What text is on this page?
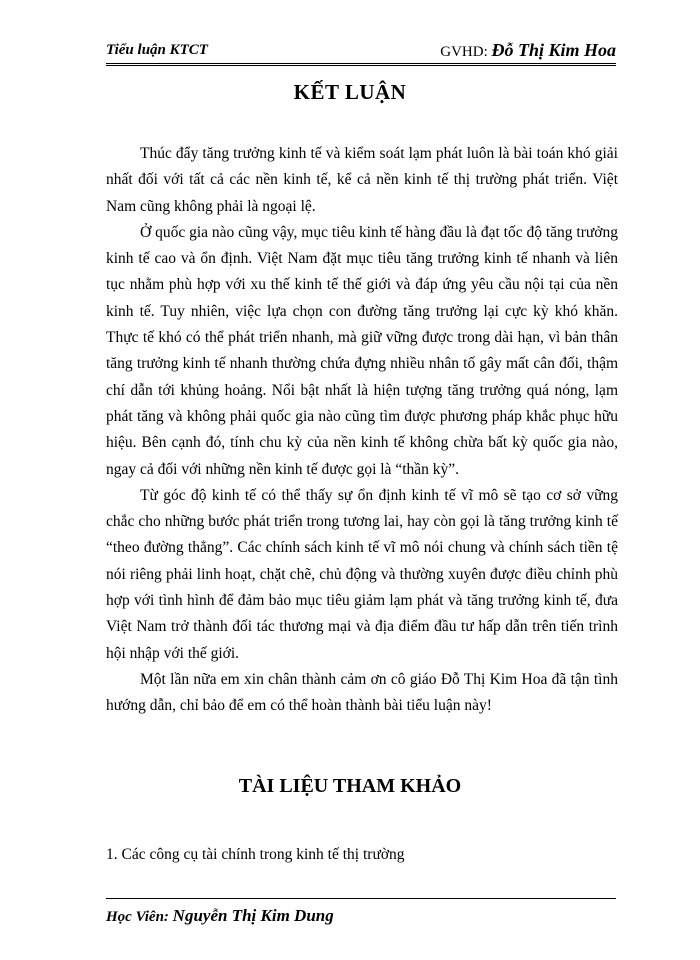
Tiểu luận KTCT	GVHD: Đỗ Thị Kim Hoa
KẾT LUẬN

Thúc đẩy tăng trưởng kinh tế và kiểm soát lạm phát luôn là bài toán khó giải nhất đối với tất cả các nền kinh tế, kể cả nền kinh tế thị trường phát triển. Việt Nam cũng không phải là ngoại lệ.

Ở quốc gia nào cũng vậy, mục tiêu kinh tế hàng đầu là đạt tốc độ tăng trưởng kinh tế cao và ổn định. Việt Nam đặt mục tiêu tăng trưởng kinh tế nhanh và liên tục nhằm phù hợp với xu thế kinh tế thế giới và đáp ứng yêu cầu nội tại của nền kinh tế. Tuy nhiên, việc lựa chọn con đường tăng trưởng lại cực kỳ khó khăn. Thực tế khó có thể phát triển nhanh, mà giữ vững được trong dài hạn, vì bản thân tăng trưởng kinh tế nhanh thường chứa đựng nhiều nhân tố gây mất cân đối, thậm chí dẫn tới khủng hoảng. Nổi bật nhất là hiện tượng tăng trưởng quá nóng, lạm phát tăng và không phải quốc gia nào cũng tìm được phương pháp khắc phục hữu hiệu. Bên cạnh đó, tính chu kỳ của nền kinh tế không chừa bất kỳ quốc gia nào, ngay cả đối với những nền kinh tế được gọi là “thần kỳ”.

Từ góc độ kinh tế có thể thấy sự ổn định kinh tế vĩ mô sẽ tạo cơ sở vững chắc cho những bước phát triển trong tương lai, hay còn gọi là tăng trưởng kinh tế “theo đường thẳng”. Các chính sách kinh tế vĩ mô nói chung và chính sách tiền tệ nói riêng phải linh hoạt, chặt chẽ, chủ động và thường xuyên được điều chỉnh phù hợp với tình hình để đảm bảo mục tiêu giảm lạm phát và tăng trưởng kinh tế, đưa Việt Nam trở thành đối tác thương mại và địa điểm đầu tư hấp dẫn trên tiến trình hội nhập với thế giới.

Một lần nữa em xin chân thành cảm ơn cô giáo Đỗ Thị Kim Hoa đã tận tình hướng dẫn, chỉ bảo để em có thể hoàn thành bài tiểu luận này!

TÀI LIỆU THAM KHẢO
1. Các công cụ tài chính trong kinh tế thị trường
Học Viên: Nguyễn Thị Kim Dung
